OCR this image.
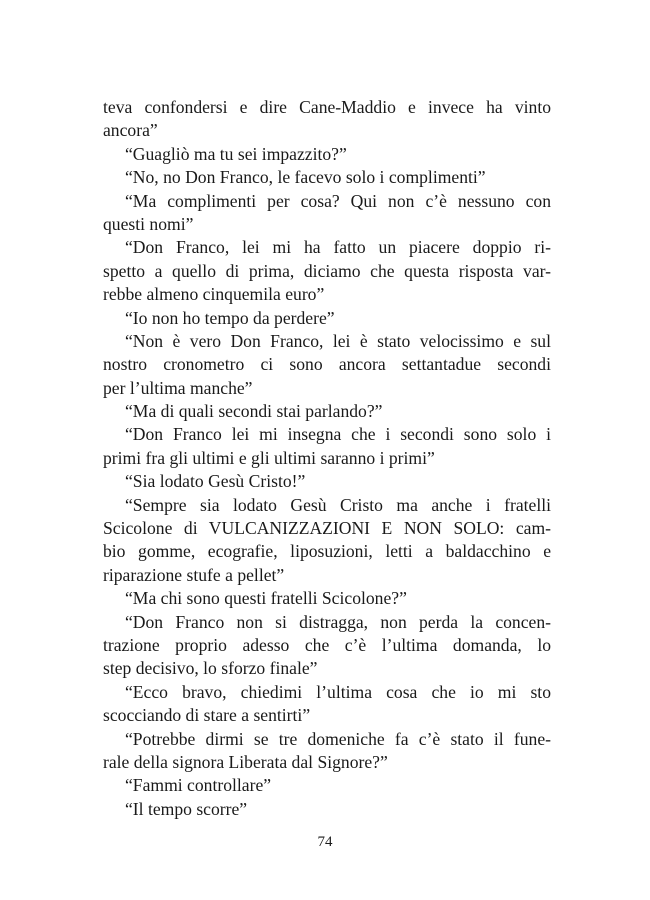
teva confondersi e dire Cane-Maddio e invece ha vinto
ancora”
“Guagliò ma tu sei impazzito?”
“No, no Don Franco, le facevo solo i complimenti”
“Ma complimenti per cosa? Qui non c’è nessuno con
questi nomi”
“Don Franco, lei mi ha fatto un piacere doppio ri-
spetto a quello di prima, diciamo che questa risposta var-
rebbe almeno cinquemila euro”
“Io non ho tempo da perdere”
“Non è vero Don Franco, lei è stato velocissimo e sul
nostro cronometro ci sono ancora settantadue secondi
per l’ultima manche”
“Ma di quali secondi stai parlando?”
“Don Franco lei mi insegna che i secondi sono solo i
primi fra gli ultimi e gli ultimi saranno i primi”
“Sia lodato Gesù Cristo!”
“Sempre sia lodato Gesù Cristo ma anche i fratelli
Scicolone di VULCANIZZAZIONI E NON SOLO: cam-
bio gomme, ecografie, liposuzioni, letti a baldacchino e
riparazione stufe a pellet”
“Ma chi sono questi fratelli Scicolone?”
“Don Franco non si distragga, non perda la concen-
trazione proprio adesso che c’è l’ultima domanda, lo
step decisivo, lo sforzo finale”
“Ecco bravo, chiedimi l’ultima cosa che io mi sto
scocciando di stare a sentirti”
“Potrebbe dirmi se tre domeniche fa c’è stato il fune-
rale della signora Liberata dal Signore?”
“Fammi controllare”
“Il tempo scorre”
74
